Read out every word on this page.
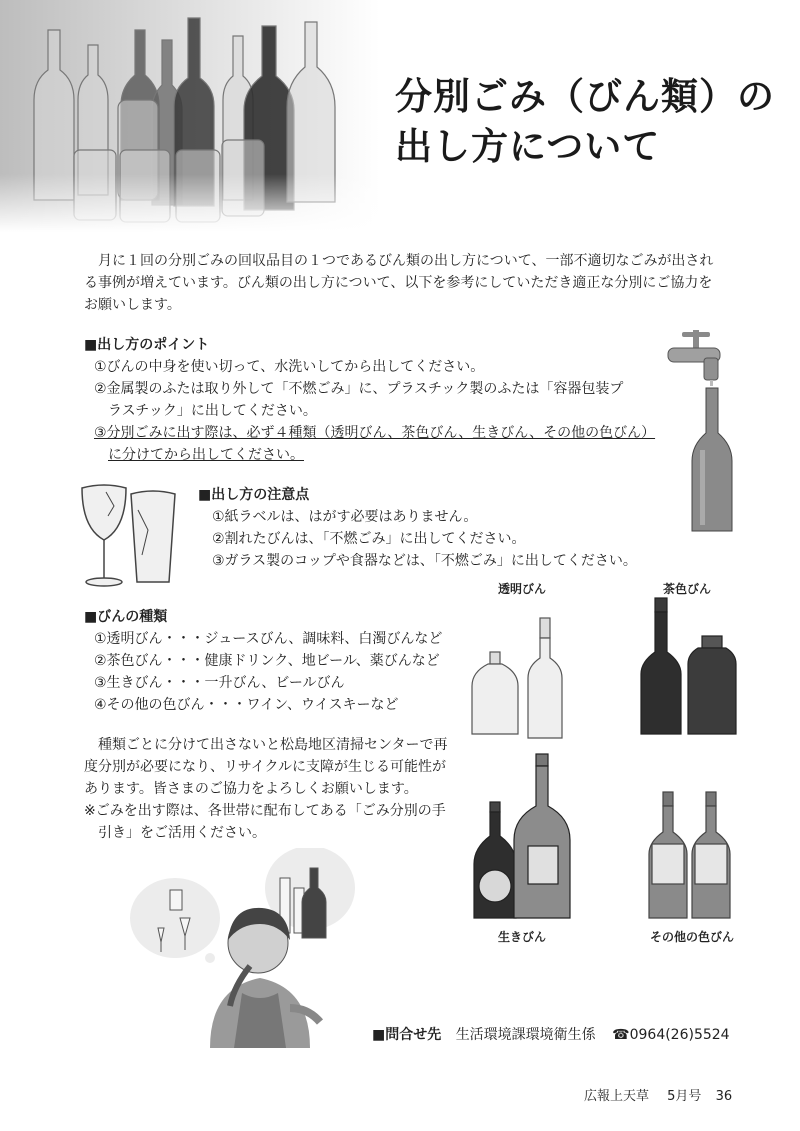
分別ごみ（びん類）の
出し方について
　月に１回の分別ごみの回収品目の１つであるびん類の出し方について、一部不適切なごみが出され
る事例が増えています。びん類の出し方について、以下を参考にしていただき適正な分別にご協力を
お願いします。
■出し方のポイント
①びんの中身を使い切って、水洗いしてから出してください。
②金属製のふたは取り外して「不燃ごみ」に、プラスチック製のふたは「容器包装プ
ラスチック」に出してください。
③分別ごみに出す際は、必ず４種類（透明びん、茶色びん、生きびん、その他の色びん）
に分けてから出してください。
■出し方の注意点
①紙ラベルは、はがす必要はありません。
②割れたびんは、「不燃ごみ」に出してください。
③ガラス製のコップや食器などは、「不燃ごみ」に出してください。
■びんの種類
①透明びん・・・ジュースびん、調味料、白濁びんなど
②茶色びん・・・健康ドリンク、地ビール、薬びんなど
③生きびん・・・一升びん、ビールびん
④その他の色びん・・・ワイン、ウイスキーなど
　種類ごとに分けて出さないと松島地区清掃センターで再
度分別が必要になり、リサイクルに支障が生じる可能性が
あります。皆さまのご協力をよろしくお願いします。
※ごみを出す際は、各世帯に配布してある「ごみ分別の手
　引き」をご活用ください。
透明びん	茶色びん
生きびん	その他の色びん
■問合せ先 生活環境課環境衛生係 ☎0964(26)5524
広報上天草 5月号 36
